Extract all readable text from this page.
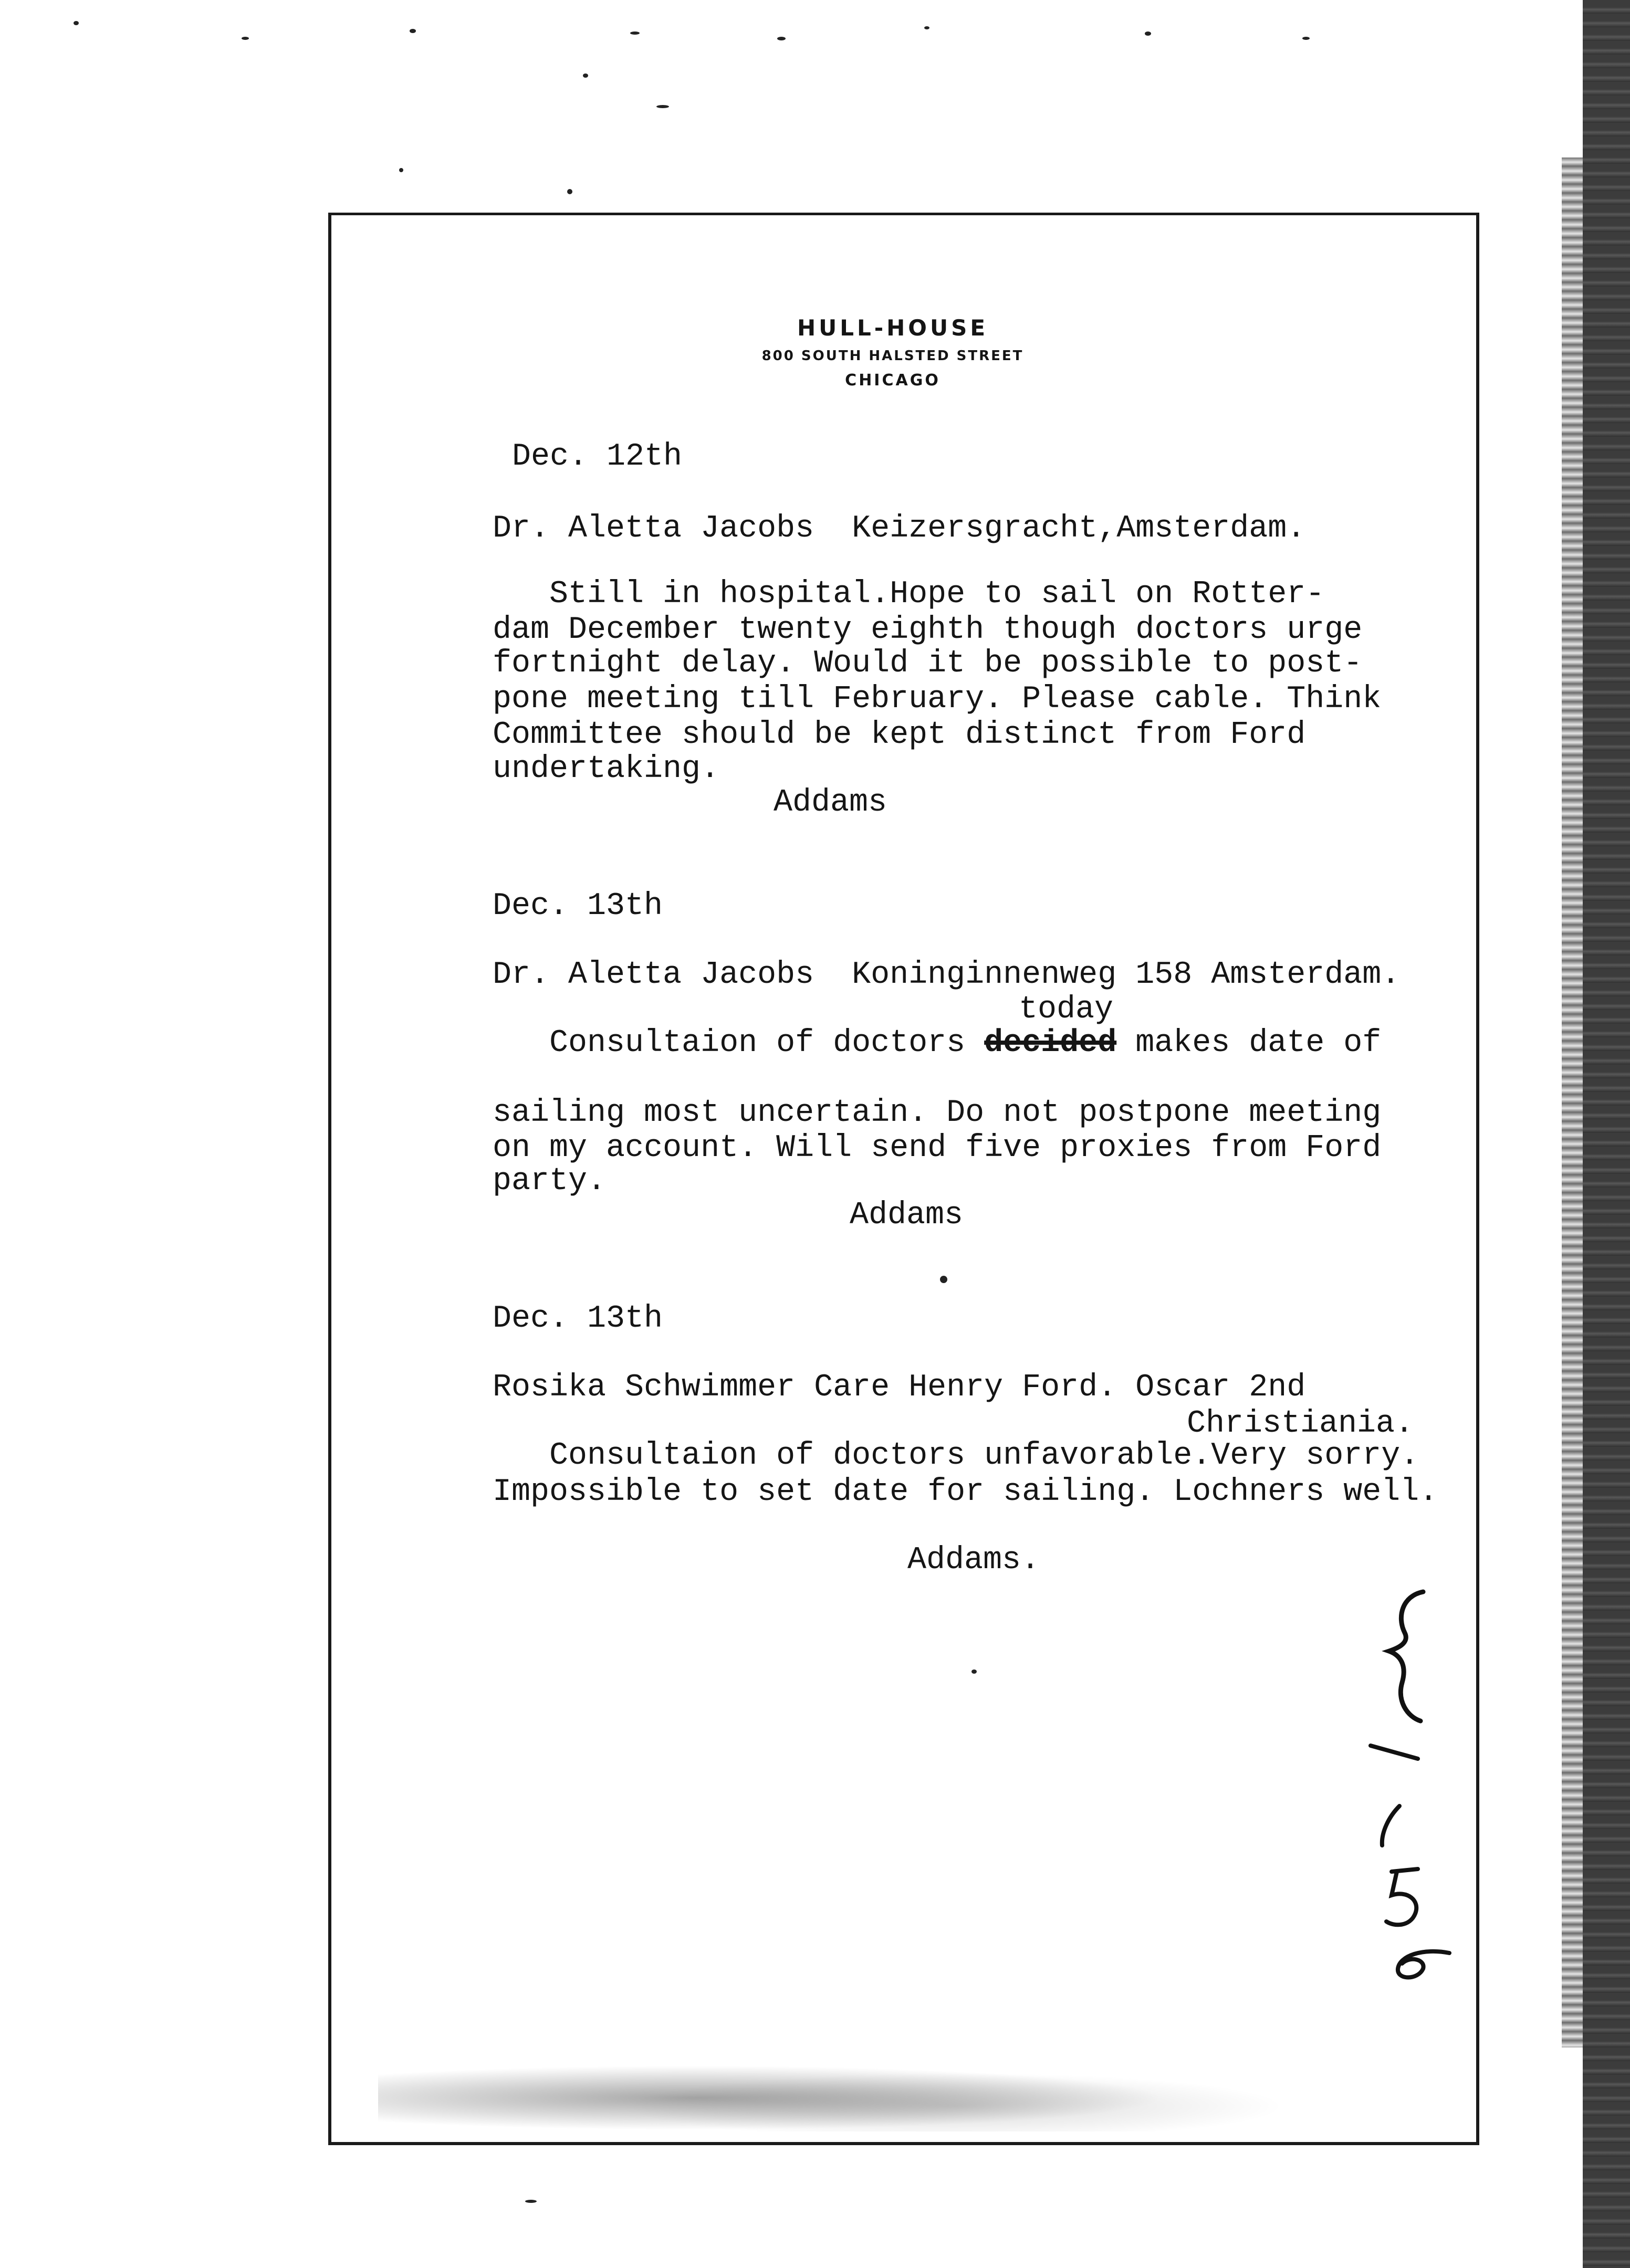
HULL-HOUSE
800 SOUTH HALSTED STREET
CHICAGO
Dec. 12th
Dr. Aletta Jacobs  Keizersgracht,Amsterdam.
Still in hospital.Hope to sail on Rotter-
dam December twenty eighth though doctors urge
fortnight delay. Would it be possible to post-
pone meeting till February. Please cable. Think
Committee should be kept distinct from Ford
undertaking.
Addams
Dec. 13th
Dr. Aletta Jacobs  Koninginnenweg 158 Amsterdam.
today
Consultaion of doctors decided makes date of
sailing most uncertain. Do not postpone meeting
on my account. Will send five proxies from Ford
party.
Addams
Dec. 13th
Rosika Schwimmer Care Henry Ford. Oscar 2nd
Christiania.
Consultaion of doctors unfavorable.Very sorry.
Impossible to set date for sailing. Lochners well.
Addams.
